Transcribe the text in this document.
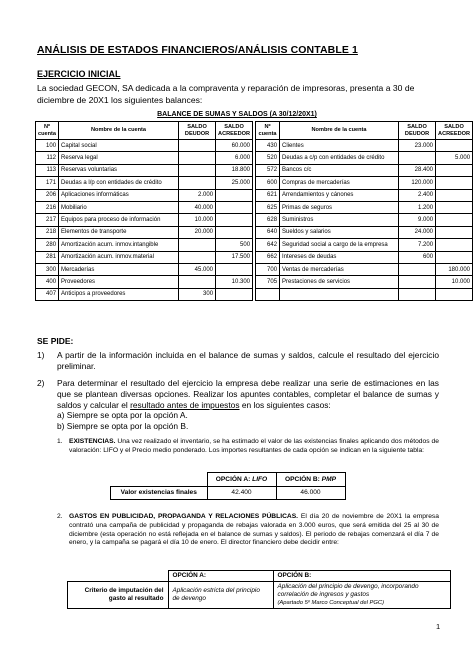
ANÁLISIS DE ESTADOS FINANCIEROS/ANÁLISIS CONTABLE 1
EJERCICIO INICIAL
La sociedad GECON, SA dedicada a la compraventa y reparación de impresoras, presenta a 30 de diciembre de 20X1 los siguientes balances:
BALANCE DE SUMAS Y SALDOS (A 30/12/20X1)
Nº cuenta	Nombre de la cuenta	SALDO DEUDOR	SALDO ACREEDOR		Nº cuenta	Nombre de la cuenta	SALDO DEUDOR	SALDO ACREEDOR
100	Capital social		60.000		430	Clientes	23.000	
112	Reserva legal		6.000		520	Deudas a c/p con entidades de crédito		5.000
113	Reservas voluntarias		18.800		572	Bancos c/c	28.400	
171	Deudas a l/p con entidades de crédito		25.000		600	Compras de mercaderías	120.000	
206	Aplicaciones informáticas	2.000			621	Arrendamientos y cánones	2.400	
216	Mobiliario	40.000			625	Primas de seguros	1.200	
217	Equipos para proceso de información	10.000			628	Suministros	9.000	
218	Elementos de transporte	20.000			640	Sueldos y salarios	24.000	
280	Amortización acum. inmov.intangible		500		642	Seguridad social a cargo de la empresa	7.200	
281	Amortización acum. inmov.material		17.500		662	Intereses de deudas	600	
300	Mercaderías	45.000			700	Ventas de mercaderías		180.000
400	Proveedores		10.300		705	Prestaciones de servicios		10.000
407	Anticipos a proveedores	300						
SE PIDE:
1) A partir de la información incluida en el balance de sumas y saldos, calcule el resultado del ejercicio preliminar.
2) Para determinar el resultado del ejercicio la empresa debe realizar una serie de estimaciones en las que se plantean diversas opciones. Realizar los apuntes contables, completar el balance de sumas y saldos y calcular el resultado antes de impuestos en los siguientes casos:
a) Siempre se opta por la opción A.
b) Siempre se opta por la opción B.
1. EXISTENCIAS. Una vez realizado el inventario, se ha estimado el valor de las existencias finales aplicando dos métodos de valoración: LIFO y el Precio medio ponderado. Los importes resultantes de cada opción se indican en la siguiente tabla:
	OPCIÓN A: LIFO	OPCIÓN B: PMP
Valor existencias finales	42.400	46.000
2. GASTOS EN PUBLICIDAD, PROPAGANDA Y RELACIONES PÚBLICAS. El día 20 de noviembre de 20X1 la empresa contrató una campaña de publicidad y propaganda de rebajas valorada en 3.000 euros, que será emitida del 25 al 30 de diciembre (esta operación no está reflejada en el balance de sumas y saldos). El periodo de rebajas comenzará el día 7 de enero, y la campaña se pagará el día 10 de enero. El director financiero debe decidir entre:
1
	OPCIÓN A:	OPCIÓN B:
Criterio de imputación del gasto al resultado	Aplicación estricta del principio de devengo	Aplicación del principio de devengo, incorporando correlación de ingresos y gastos
(Apartado 5º Marco Conceptual del PGC)
